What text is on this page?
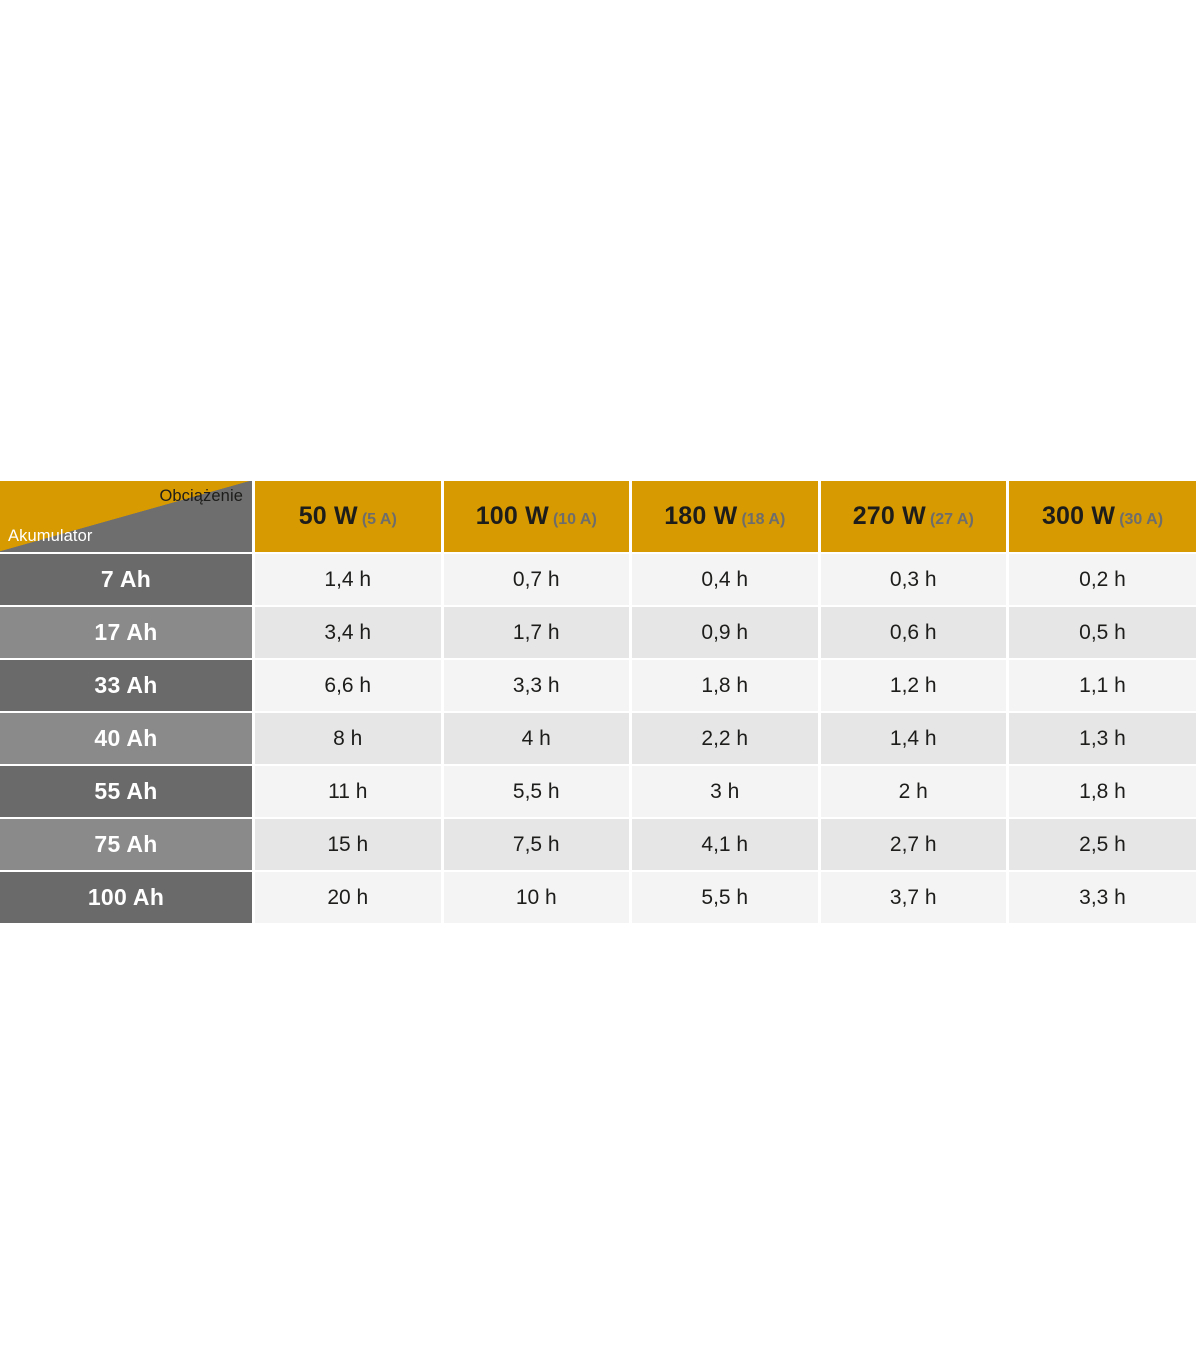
Obciążenie
Akumulator	50 W (5 A)	100 W (10 A)	180 W (18 A)	270 W (27 A)	300 W (30 A)
7 Ah	1,4 h	0,7 h	0,4 h	0,3 h	0,2 h
17 Ah	3,4 h	1,7 h	0,9 h	0,6 h	0,5 h
33 Ah	6,6 h	3,3 h	1,8 h	1,2 h	1,1 h
40 Ah	8 h	4 h	2,2 h	1,4 h	1,3 h
55 Ah	11 h	5,5 h	3 h	2 h	1,8 h
75 Ah	15 h	7,5 h	4,1 h	2,7 h	2,5 h
100 Ah	20 h	10 h	5,5 h	3,7 h	3,3 h
